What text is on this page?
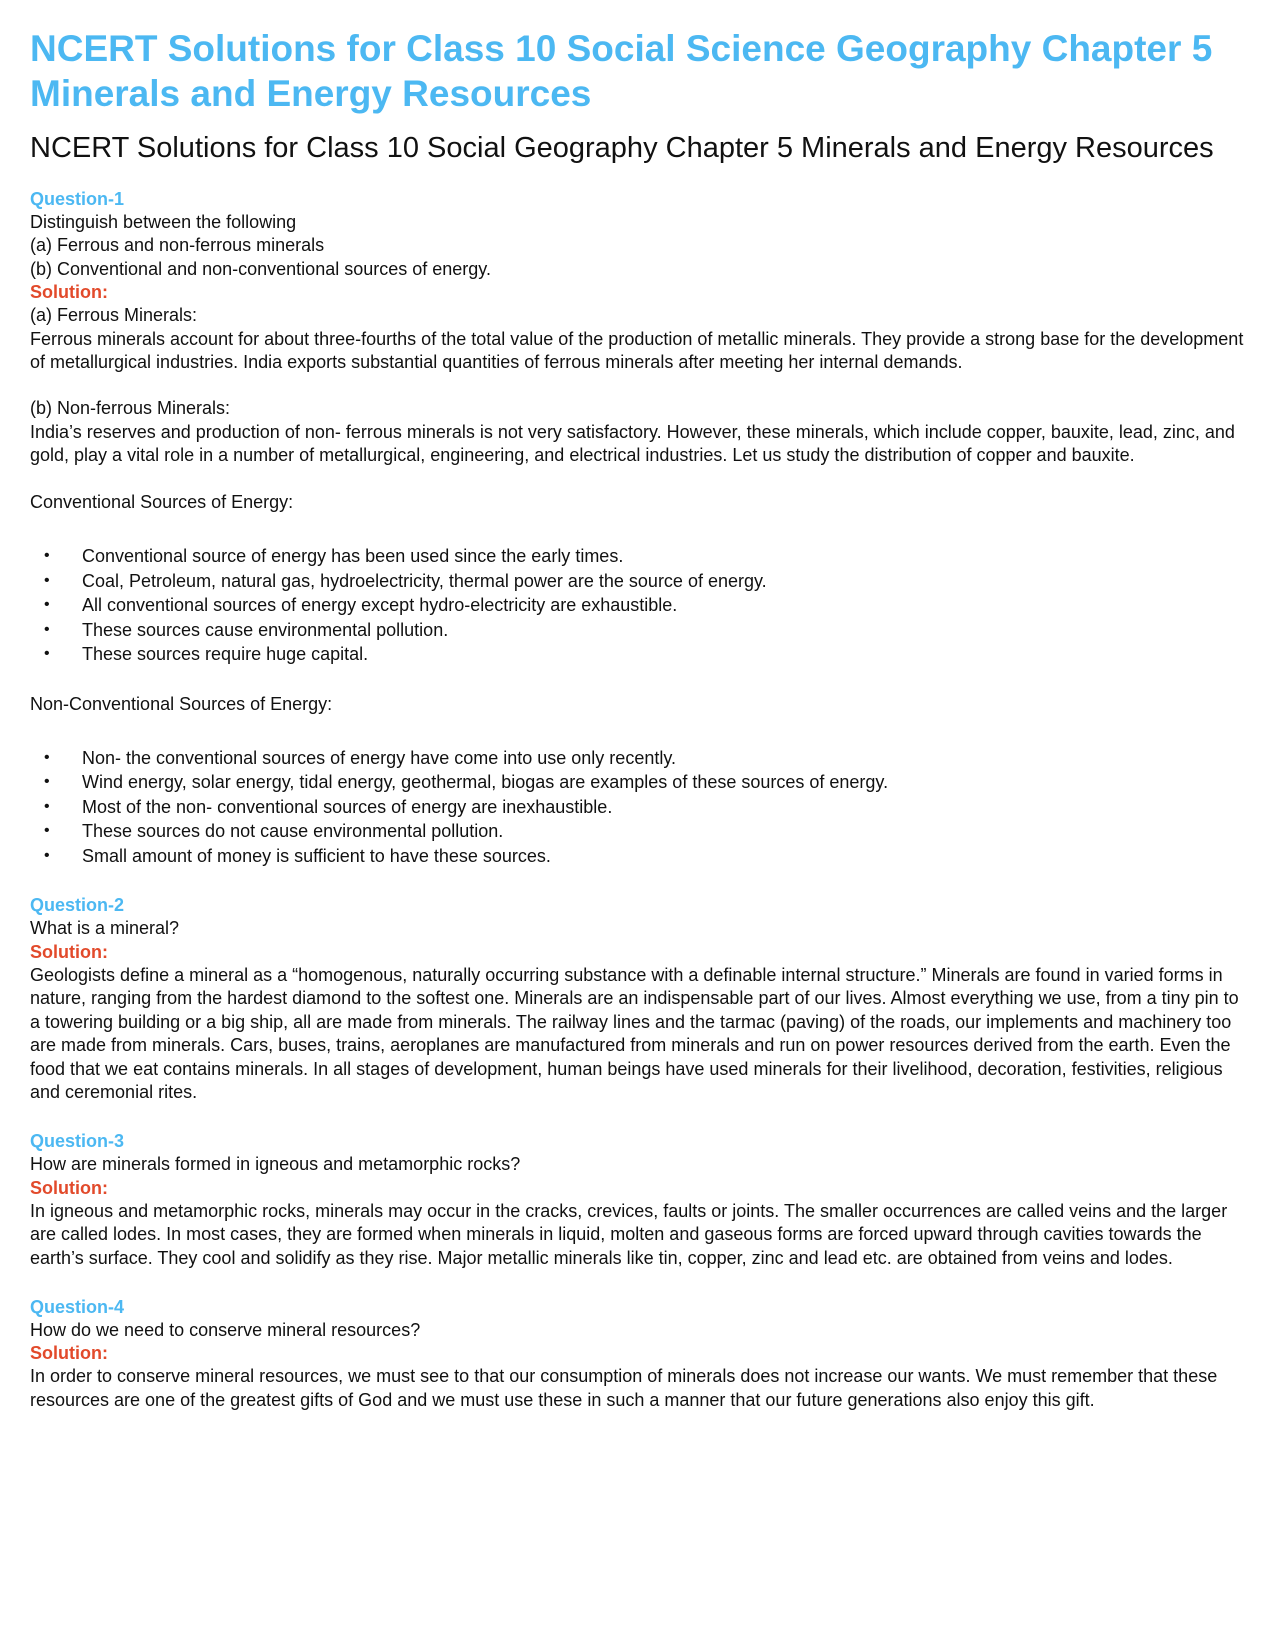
NCERT Solutions for Class 10 Social Science Geography Chapter 5 Minerals and Energy Resources
NCERT Solutions for Class 10 Social Geography Chapter 5 Minerals and Energy Resources

Question-1

Distinguish between the following

(a) Ferrous and non-ferrous minerals

(b) Conventional and non-conventional sources of energy.

Solution:

(a) Ferrous Minerals:

Ferrous minerals account for about three-fourths of the total value of the production of metallic minerals. They provide a strong base for the development of metallurgical industries. India exports substantial quantities of ferrous minerals after meeting her internal demands.

(b) Non-ferrous Minerals:

India’s reserves and production of non- ferrous minerals is not very satisfactory. However, these minerals, which include copper, bauxite, lead, zinc, and gold, play a vital role in a number of metallurgical, engineering, and electrical industries. Let us study the distribution of copper and bauxite.

Conventional Sources of Energy:

• Conventional source of energy has been used since the early times.
• Coal, Petroleum, natural gas, hydroelectricity, thermal power are the source of energy.
• All conventional sources of energy except hydro-electricity are exhaustible.
• These sources cause environmental pollution.
• These sources require huge capital.

Non-Conventional Sources of Energy:

• Non- the conventional sources of energy have come into use only recently.
• Wind energy, solar energy, tidal energy, geothermal, biogas are examples of these sources of energy.
• Most of the non- conventional sources of energy are inexhaustible.
• These sources do not cause environmental pollution.
• Small amount of money is sufficient to have these sources.

Question-2

What is a mineral?

Solution:

Geologists define a mineral as a “homogenous, naturally occurring substance with a definable internal structure.” Minerals are found in varied forms in nature, ranging from the hardest diamond to the softest one. Minerals are an indispensable part of our lives. Almost everything we use, from a tiny pin to a towering building or a big ship, all are made from minerals. The railway lines and the tarmac (paving) of the roads, our implements and machinery too are made from minerals. Cars, buses, trains, aeroplanes are manufactured from minerals and run on power resources derived from the earth. Even the food that we eat contains minerals. In all stages of development, human beings have used minerals for their livelihood, decoration, festivities, religious and ceremonial rites.

Question-3

How are minerals formed in igneous and metamorphic rocks?

Solution:

In igneous and metamorphic rocks, minerals may occur in the cracks, crevices, faults or joints. The smaller occurrences are called veins and the larger are called lodes. In most cases, they are formed when minerals in liquid, molten and gaseous forms are forced upward through cavities towards the earth’s surface. They cool and solidify as they rise. Major metallic minerals like tin, copper, zinc and lead etc. are obtained from veins and lodes.

Question-4

How do we need to conserve mineral resources?

Solution:

In order to conserve mineral resources, we must see to that our consumption of minerals does not increase our wants. We must remember that these resources are one of the greatest gifts of God and we must use these in such a manner that our future generations also enjoy this gift.
